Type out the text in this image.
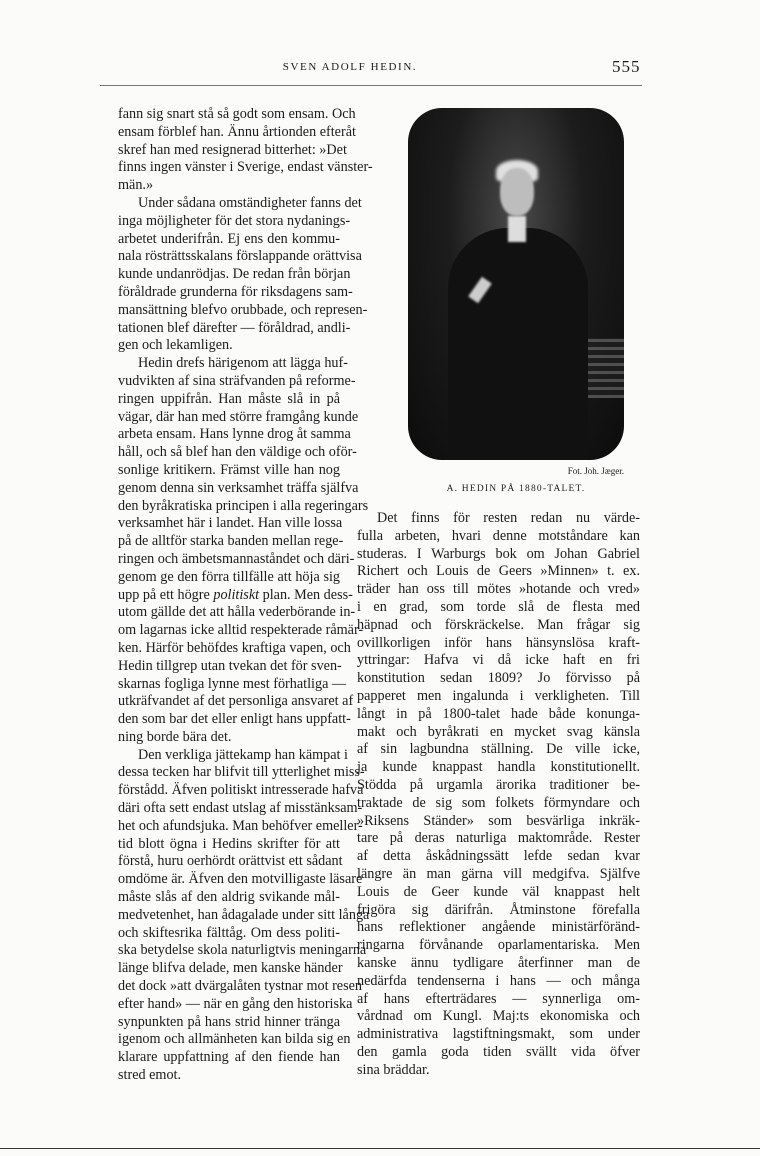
SVEN ADOLF HEDIN.	555
fann sig snart stå så godt som ensam. Och
ensam förblef han. Ännu årtionden efteråt
skref han med resignerad bitterhet: »Det
finns ingen vänster i Sverige, endast vänster-
män.»
Under sådana omständigheter fanns det
inga möjligheter för det stora nydanings-
arbetet underifrån. Ej ens den kommu-
nala rösträttsskalans förslappande orättvisa
kunde undanrödjas. De redan från början
föråldrade grunderna för riksdagens sam-
mansättning blefvo orubbade, och represen-
tationen blef därefter — föråldrad, andli-
gen och lekamligen.
Hedin drefs härigenom att lägga huf-
vudvikten af sina sträfvanden på reforme-
ringen uppifrån. Han måste slå in på
vägar, där han med större framgång kunde
arbeta ensam. Hans lynne drog åt samma
håll, och så blef han den väldige och oför-
sonlige kritikern. Främst ville han nog
genom denna sin verksamhet träffa själfva
den byråkratiska principen i alla regeringars
verksamhet här i landet. Han ville lossa
på de alltför starka banden mellan rege-
ringen och ämbetsmannaståndet och däri-
genom ge den förra tillfälle att höja sig
upp på ett högre politiskt plan. Men dess-
utom gällde det att hålla vederbörande in-
om lagarnas icke alltid respekterade råmär-
ken. Härför behöfdes kraftiga vapen, och
Hedin tillgrep utan tvekan det för sven-
skarnas fogliga lynne mest förhatliga —
utkräfvandet af det personliga ansvaret af
den som bar det eller enligt hans uppfatt-
ning borde bära det.
Den verkliga jättekamp han kämpat i
dessa tecken har blifvit till ytterlighet miss-
förstådd. Äfven politiskt intresserade hafva
däri ofta sett endast utslag af misstänksam-
het och afundsjuka. Man behöfver emeller-
tid blott ögna i Hedins skrifter för att
förstå, huru oerhördt orättvist ett sådant
omdöme är. Äfven den motvilligaste läsare
måste slås af den aldrig svikande mål-
medvetenhet, han ådagalade under sitt långa
och skiftesrika fälttåg. Om dess politi-
ska betydelse skola naturligtvis meningarna
länge blifva delade, men kanske händer
det dock »att dvärgalåten tystnar mot resen
efter hand» — när en gång den historiska
synpunkten på hans strid hinner tränga
igenom och allmänheten kan bilda sig en
klarare uppfattning af den fiende han
stred emot.
Det finns för resten redan nu värde-
fulla arbeten, hvari denne motståndare kan
studeras. I Warburgs bok om Johan Gabriel
Richert och Louis de Geers »Minnen» t. ex.
träder han oss till mötes »hotande och vred»
i en grad, som torde slå de flesta med
häpnad och förskräckelse. Man frågar sig
ovillkorligen inför hans hänsynslösa kraft-
yttringar: Hafva vi då icke haft en fri
konstitution sedan 1809? Jo förvisso på
papperet men ingalunda i verkligheten. Till
långt in på 1800-talet hade både konunga-
makt och byråkrati en mycket svag känsla
af sin lagbundna ställning. De ville icke,
ja kunde knappast handla konstitutionellt.
Stödda på urgamla ärorika traditioner be-
traktade de sig som folkets förmyndare och
»Riksens Ständer» som besvärliga inkräk-
tare på deras naturliga maktområde. Rester
af detta åskådningssätt lefde sedan kvar
längre än man gärna vill medgifva. Själfve
Louis de Geer kunde väl knappast helt
frigöra sig därifrån. Åtminstone förefalla
hans reflektioner angående ministärföränd-
ringarna förvånande oparlamentariska. Men
kanske ännu tydligare återfinner man de
nedärfda tendenserna i hans — och många
af hans efterträdares — synnerliga om-
vårdnad om Kungl. Maj:ts ekonomiska och
administrativa lagstiftningsmakt, som under
den gamla goda tiden svällt vida öfver
sina bräddar.
Fot. Joh. Jæger.
A. HEDIN PÅ 1880-TALET.
